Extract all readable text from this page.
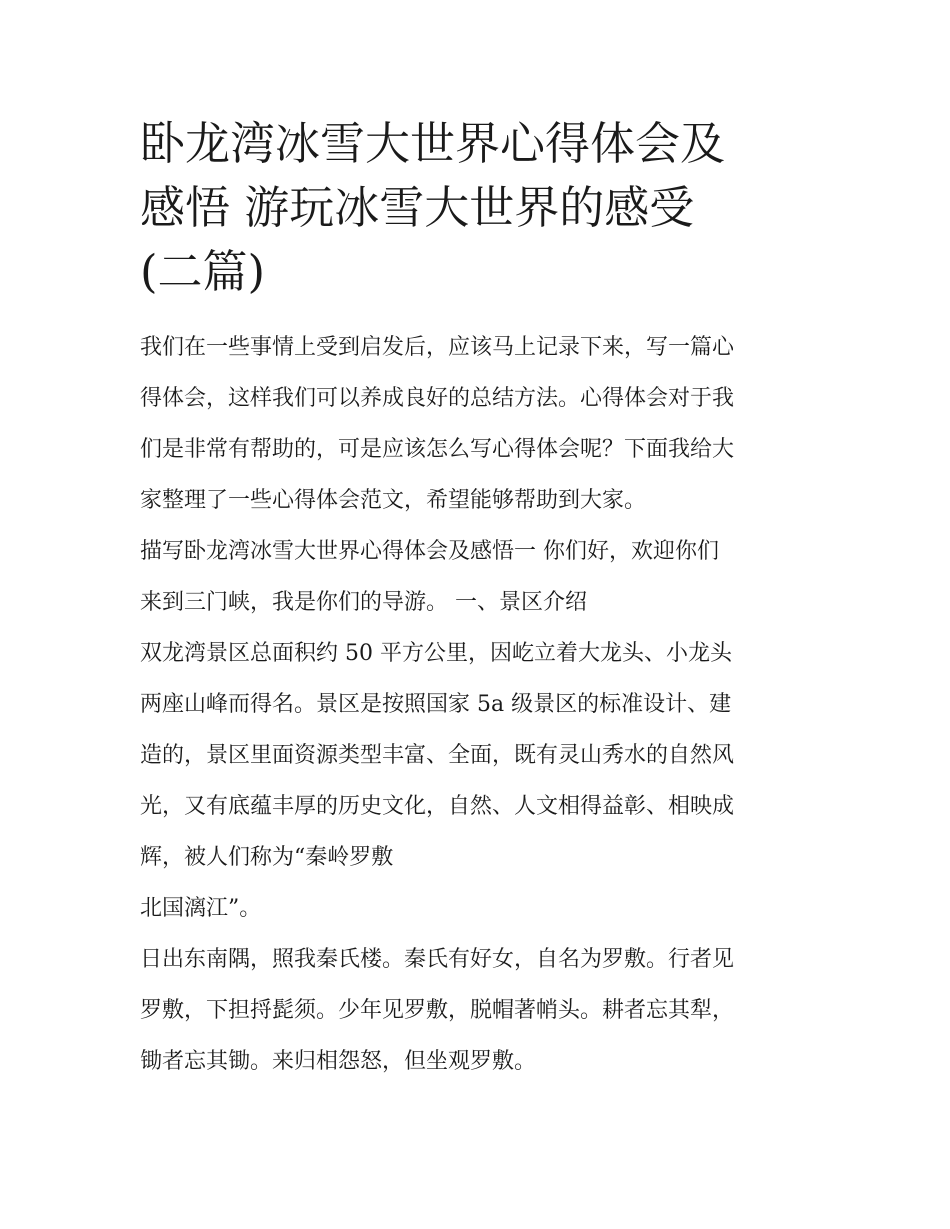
卧龙湾冰雪大世界心得体会及
感悟 游玩冰雪大世界的感受
(二篇)

我们在一些事情上受到启发后，应该马上记录下来，写一篇心
得体会，这样我们可以养成良好的总结方法。心得体会对于我
们是非常有帮助的，可是应该怎么写心得体会呢？下面我给大
家整理了一些心得体会范文，希望能够帮助到大家。

描写卧龙湾冰雪大世界心得体会及感悟一 你们好，欢迎你们
来到三门峡，我是你们的导游。 一、景区介绍

双龙湾景区总面积约 50 平方公里，因屹立着大龙头、小龙头
两座山峰而得名。景区是按照国家 5a 级景区的标准设计、建
造的，景区里面资源类型丰富、全面，既有灵山秀水的自然风
光，又有底蕴丰厚的历史文化，自然、人文相得益彰、相映成
辉，被人们称为“秦岭罗敷
北国漓江”。

日出东南隅，照我秦氏楼。秦氏有好女，自名为罗敷。行者见
罗敷，下担捋髭须。少年见罗敷，脱帽著帩头。耕者忘其犁，
锄者忘其锄。来归相怨怒，但坐观罗敷。
